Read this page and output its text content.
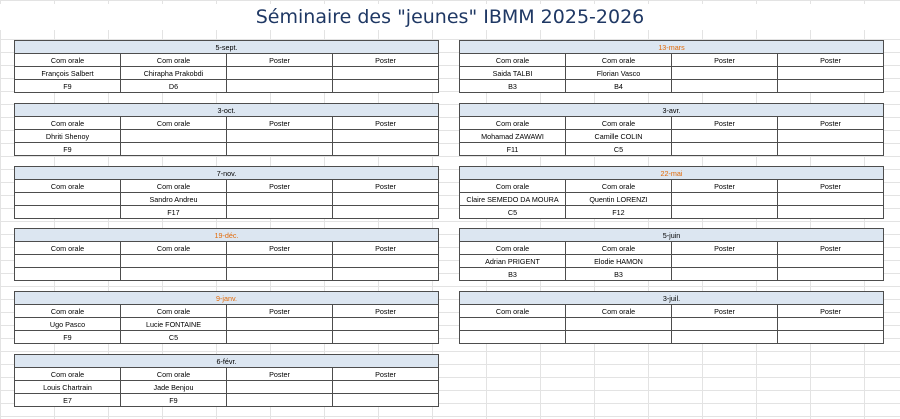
Séminaire des "jeunes" IBMM 2025-2026
5-sept.			
Com orale	Com orale	Poster	Poster
François Salbert	Chirapha Prakobdi		
F9	D6		
3-oct.			
Com orale	Com orale	Poster	Poster
Dhriti Shenoy			
F9			
7-nov.			
Com orale	Com orale	Poster	Poster
	Sandro Andreu		
	F17		
19-déc.			
Com orale	Com orale	Poster	Poster

9-janv.			
Com orale	Com orale	Poster	Poster
Ugo Pasco	Lucie FONTAINE		
F9	C5		
6-févr.			
Com orale	Com orale	Poster	Poster
Louis Chartrain	Jade Benjou		
E7	F9		
13-mars			
Com orale	Com orale	Poster	Poster
Saida TALBI	Florian Vasco		
B3	B4		
3-avr.			
Com orale	Com orale	Poster	Poster
Mohamad ZAWAWI	Camille COLIN		
F11	C5		
22-mai			
Com orale	Com orale	Poster	Poster
Claire SEMEDO DA MOURA	Quentin LORENZI		
C5	F12		
5-juin			
Com orale	Com orale	Poster	Poster
Adrian PRIGENT	Elodie HAMON		
B3	B3		
3-juil.			
Com orale	Com orale	Poster	Poster
